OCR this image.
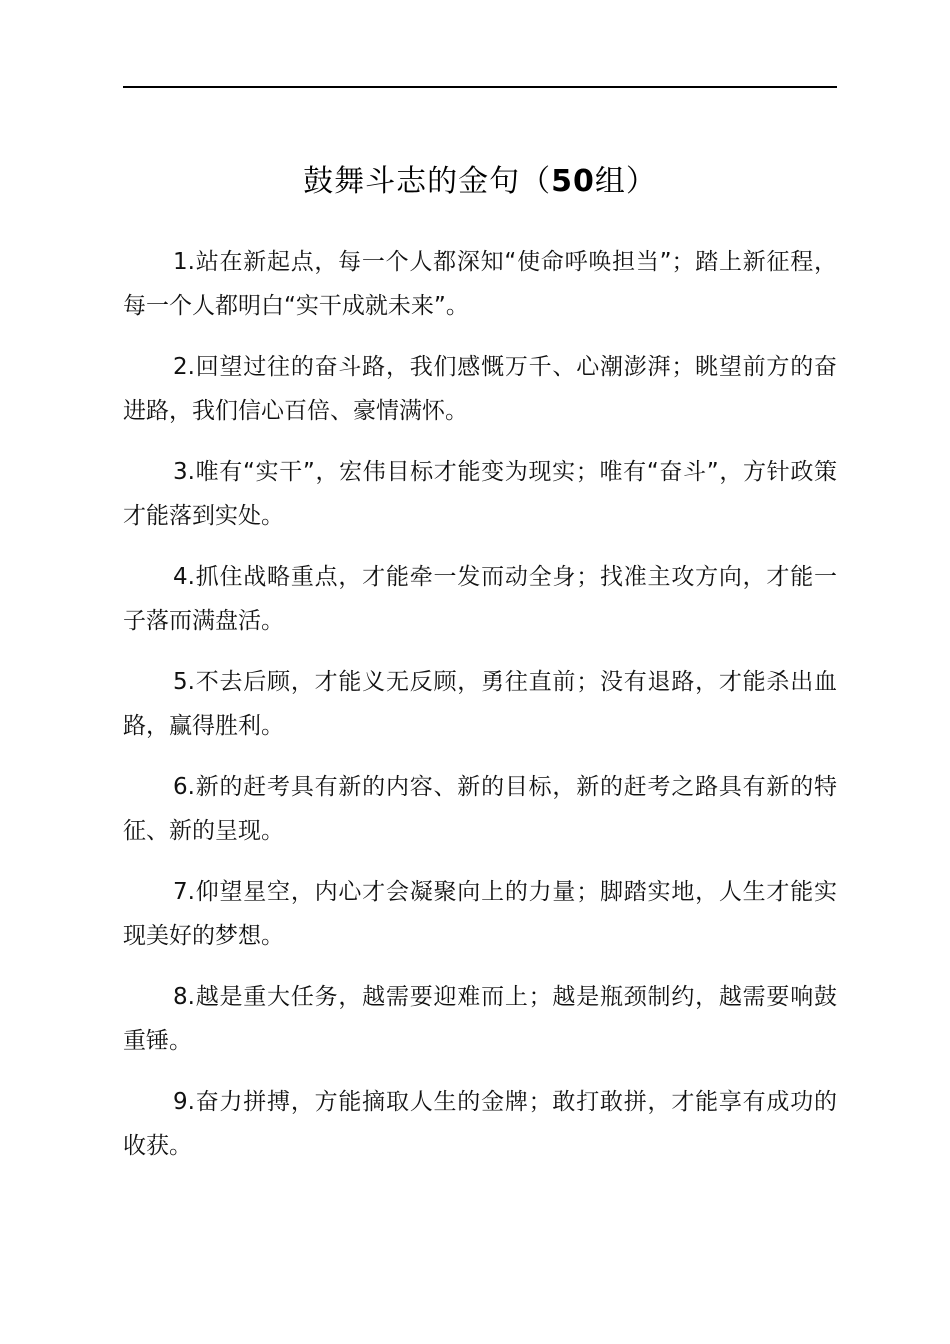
鼓舞斗志的金句（50组）

1.站在新起点，每一个人都深知“使命呼唤担当”；踏上新征程，每一个人都明白“实干成就未来”。

2.回望过往的奋斗路，我们感慨万千、心潮澎湃；眺望前方的奋进路，我们信心百倍、豪情满怀。

3.唯有“实干”，宏伟目标才能变为现实；唯有“奋斗”，方针政策才能落到实处。

4.抓住战略重点，才能牵一发而动全身；找准主攻方向，才能一子落而满盘活。

5.不去后顾，才能义无反顾，勇往直前；没有退路，才能杀出血路，赢得胜利。

6.新的赶考具有新的内容、新的目标，新的赶考之路具有新的特征、新的呈现。

7.仰望星空，内心才会凝聚向上的力量；脚踏实地，人生才能实现美好的梦想。

8.越是重大任务，越需要迎难而上；越是瓶颈制约，越需要响鼓重锤。

9.奋力拼搏，方能摘取人生的金牌；敢打敢拼，才能享有成功的收获。
